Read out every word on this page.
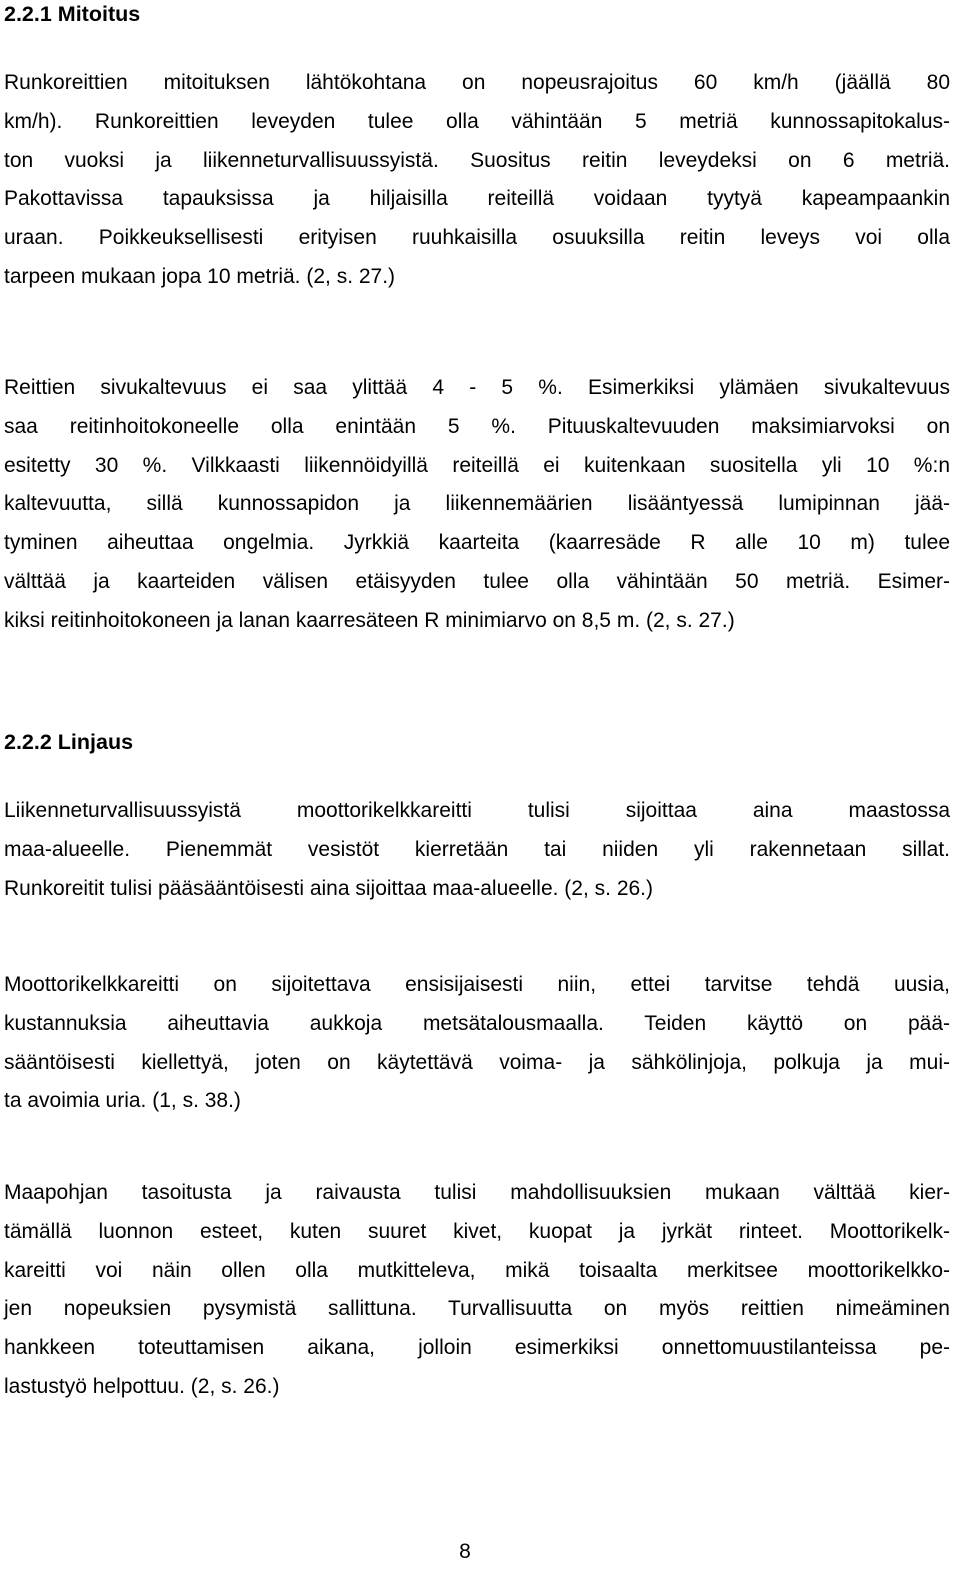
2.2.1 Mitoitus
Runkoreittien mitoituksen lähtökohtana on nopeusrajoitus 60 km/h (jäällä 80
km/h). Runkoreittien leveyden tulee olla vähintään 5 metriä kunnossapitokalus-
ton vuoksi ja liikenneturvallisuussyistä. Suositus reitin leveydeksi on 6 metriä.
Pakottavissa tapauksissa ja hiljaisilla reiteillä voidaan tyytyä kapeampaankin
uraan. Poikkeuksellisesti erityisen ruuhkaisilla osuuksilla reitin leveys voi olla
tarpeen mukaan jopa 10 metriä. (2, s. 27.)
Reittien sivukaltevuus ei saa ylittää 4 - 5 %. Esimerkiksi ylämäen sivukaltevuus
saa reitinhoitokoneelle olla enintään 5 %. Pituuskaltevuuden maksimiarvoksi on
esitetty 30 %. Vilkkaasti liikennöidyillä reiteillä ei kuitenkaan suositella yli 10 %:n
kaltevuutta, sillä kunnossapidon ja liikennemäärien lisääntyessä lumipinnan jää-
tyminen aiheuttaa ongelmia. Jyrkkiä kaarteita (kaarresäde R alle 10 m) tulee
välttää ja kaarteiden välisen etäisyyden tulee olla vähintään 50 metriä. Esimer-
kiksi reitinhoitokoneen ja lanan kaarresäteen R minimiarvo on 8,5 m. (2, s. 27.)
2.2.2 Linjaus
Liikenneturvallisuussyistä moottorikelkkareitti tulisi sijoittaa aina maastossa
maa-alueelle. Pienemmät vesistöt kierretään tai niiden yli rakennetaan sillat.
Runkoreitit tulisi pääsääntöisesti aina sijoittaa maa-alueelle. (2, s. 26.)
Moottorikelkkareitti on sijoitettava ensisijaisesti niin, ettei tarvitse tehdä uusia,
kustannuksia aiheuttavia aukkoja metsätalousmaalla. Teiden käyttö on pää-
sääntöisesti kiellettyä, joten on käytettävä voima- ja sähkölinjoja, polkuja ja mui-
ta avoimia uria. (1, s. 38.)
Maapohjan tasoitusta ja raivausta tulisi mahdollisuuksien mukaan välttää kier-
tämällä luonnon esteet, kuten suuret kivet, kuopat ja jyrkät rinteet. Moottorikelk-
kareitti voi näin ollen olla mutkitteleva, mikä toisaalta merkitsee moottorikelkko-
jen nopeuksien pysymistä sallittuna. Turvallisuutta on myös reittien nimeäminen
hankkeen toteuttamisen aikana, jolloin esimerkiksi onnettomuustilanteissa pe-
lastustyö helpottuu. (2, s. 26.)
8
